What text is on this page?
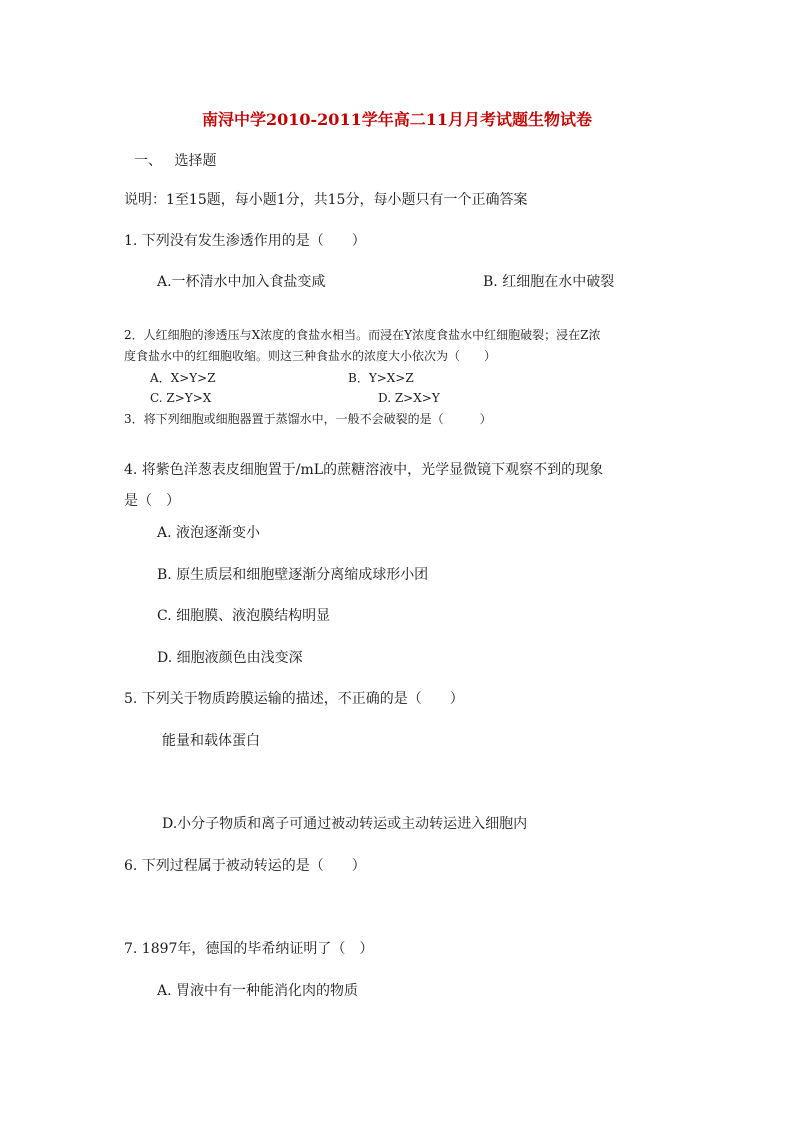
南浔中学2010-2011学年高二11月月考试题生物试卷
一、 选择题
说明：1至15题，每小题1分，共15分，每小题只有一个正确答案
1. 下列没有发生渗透作用的是（　　）
A.一杯清水中加入食盐变咸	B. 红细胞在水中破裂
2．人红细胞的渗透压与X浓度的食盐水相当。而浸在Y浓度食盐水中红细胞破裂；浸在Z浓
度食盐水中的红细胞收缩。则这三种食盐水的浓度大小依次为（　　）
A．X>Y>Z	B．Y>X>Z
C. Z>Y>X	D. Z>X>Y
3．将下列细胞或细胞器置于蒸馏水中，一般不会破裂的是（　　　）
4. 将紫色洋葱表皮细胞置于/mL的蔗糖溶液中，光学显微镜下观察不到的现象
是（　）
A. 液泡逐渐变小
B. 原生质层和细胞壁逐渐分离缩成球形小团
C. 细胞膜、液泡膜结构明显
D. 细胞液颜色由浅变深
5. 下列关于物质跨膜运输的描述，不正确的是（　　）
能量和载体蛋白
D.小分子物质和离子可通过被动转运或主动转运进入细胞内
6. 下列过程属于被动转运的是（　　）
7. 1897年，德国的毕希纳证明了（　）
A. 胃液中有一种能消化肉的物质
